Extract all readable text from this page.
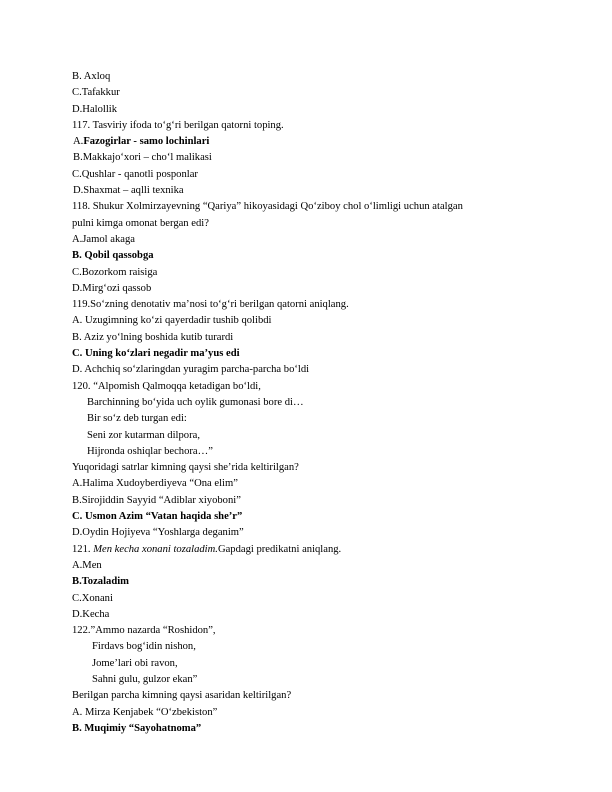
B. Axloq
C.Tafakkur
D.Halollik
117. Tasviriy ifoda to‘g‘ri berilgan qatorni toping.
A.Fazogirlar - samo lochinlari
B.Makkajo‘xori – cho‘l malikasi
C.Qushlar - qanotli posponlar
D.Shaxmat – aqlli texnika
118. Shukur Xolmirzayevning “Qariya” hikoyasidagi Qo‘ziboy chol o‘limligi uchun atalgan
pulni kimga omonat bergan edi?
A.Jamol akaga
B. Qobil qassobga
C.Bozorkom raisiga
D.Mirg‘ozi qassob
119.So‘zning denotativ ma’nosi to‘g‘ri berilgan qatorni aniqlang.
A. Uzugimning ko‘zi qayerdadir tushib qolibdi
B. Aziz yo‘lning boshida kutib turardi
C. Uning ko‘zlari negadir ma’yus edi
D. Achchiq so‘zlaringdan yuragim parcha-parcha bo‘ldi
120. “Alpomish Qalmoqqa ketadigan bo‘ldi,
Barchinning bo‘yida uch oylik gumonasi bore di…
Bir so‘z deb turgan edi:
Seni zor kutarman dilpora,
Hijronda oshiqlar bechora…”
Yuqoridagi satrlar kimning qaysi she’rida keltirilgan?
A.Halima Xudoyberdiyeva “Ona elim”
B.Sirojiddin Sayyid “Adiblar xiyoboni”
C. Usmon Azim “Vatan haqida she’r”
D.Oydin Hojiyeva “Yoshlarga deganim”
121. Men kecha xonani tozaladim.Gapdagi predikatni aniqlang.
A.Men
B.Tozaladim
C.Xonani
D.Kecha
122.”Ammo nazarda “Roshidon”,
Firdavs bog‘idin nishon,
Jome’lari obi ravon,
Sahni gulu, gulzor ekan”
Berilgan parcha kimning qaysi asaridan keltirilgan?
A. Mirza Kenjabek “O‘zbekiston”
B. Muqimiy “Sayohatnoma”
